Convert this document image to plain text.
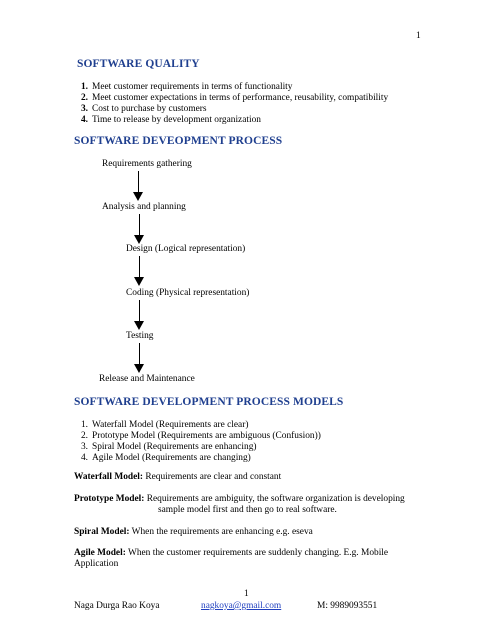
1
SOFTWARE QUALITY
1. Meet customer requirements in terms of functionality
2. Meet customer expectations in terms of performance, reusability, compatibility
3. Cost to purchase by customers
4. Time to release by development organization
SOFTWARE DEVEOPMENT PROCESS
Requirements gathering
Analysis and planning
Design (Logical representation)
Coding (Physical representation)
Testing
Release and Maintenance
SOFTWARE DEVELOPMENT PROCESS MODELS
1. Waterfall Model (Requirements are clear)
2. Prototype Model (Requirements are ambiguous (Confusion))
3. Spiral Model (Requirements are enhancing)
4. Agile Model (Requirements are changing)
Waterfall Model: Requirements are clear and constant
Prototype Model: Requirements are ambiguity, the software organization is developing
sample model first and then go to real software.
Spiral Model: When the requirements are enhancing e.g. eseva
Agile Model: When the customer requirements are suddenly changing. E.g. Mobile
Application
1
Naga Durga Rao Koya	nagkoya@gmail.com	M: 9989093551
